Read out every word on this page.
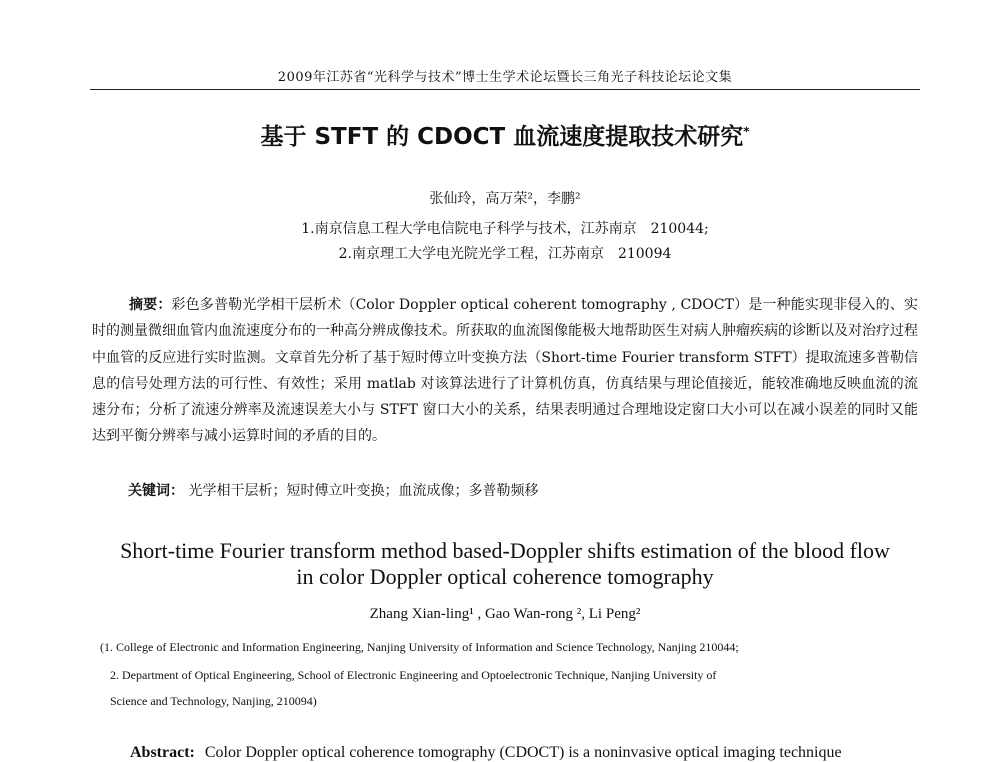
2009年江苏省“光科学与技术”博士生学术论坛暨长三角光子科技论坛论文集
基于 STFT 的 CDOCT 血流速度提取技术研究*
张仙玲，高万荣²，李鹏²
1.南京信息工程大学电信院电子科学与技术，江苏南京　210044;
2.南京理工大学电光院光学工程，江苏南京　210094
摘要：彩色多普勒光学相干层析术（Color Doppler optical coherent tomography , CDOCT）是一种能实现非侵入的、实时的测量微细血管内血流速度分布的一种高分辨成像技术。所获取的血流图像能极大地帮助医生对病人肿瘤疾病的诊断以及对治疗过程中血管的反应进行实时监测。文章首先分析了基于短时傅立叶变换方法（Short-time Fourier transform STFT）提取流速多普勒信息的信号处理方法的可行性、有效性；采用 matlab 对该算法进行了计算机仿真，仿真结果与理论值接近，能较准确地反映血流的流速分布；分析了流速分辨率及流速误差大小与 STFT 窗口大小的关系，结果表明通过合理地设定窗口大小可以在减小误差的同时又能达到平衡分辨率与减小运算时间的矛盾的目的。
关键词： 光学相干层析；短时傅立叶变换；血流成像；多普勒频移
Short-time Fourier transform method based-Doppler shifts estimation of the blood flow
in color Doppler optical coherence tomography
Zhang Xian-ling¹ , Gao Wan-rong ², Li Peng²
(1. College of Electronic and Information Engineering, Nanjing University of Information and Science Technology, Nanjing 210044;
2. Department of Optical Engineering, School of Electronic Engineering and Optoelectronic Technique, Nanjing University of
Science and Technology, Nanjing, 210094)
Abstract: Color Doppler optical coherence tomography (CDOCT) is a noninvasive optical imaging technique
